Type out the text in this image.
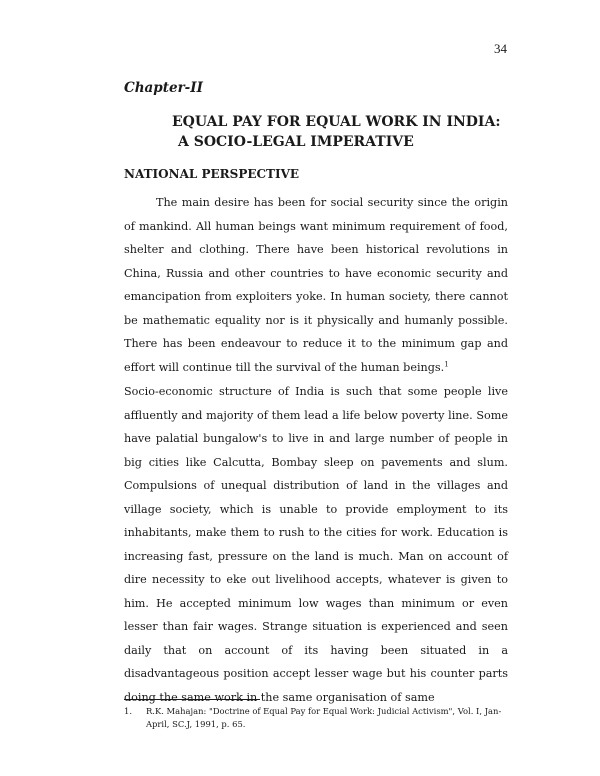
34
Chapter-II
EQUAL PAY FOR EQUAL WORK IN INDIA:
A SOCIO-LEGAL IMPERATIVE
NATIONAL PERSPECTIVE
The main desire has been for social security since the origin of mankind. All human beings want minimum requirement of food, shelter and clothing. There have been historical revolutions in China, Russia and other countries to have economic security and emancipation from exploiters yoke. In human society, there cannot be mathematic equality nor is it physically and humanly possible. There has been endeavour to reduce it to the minimum gap and effort will continue till the survival of the human beings.$^1$
Socio-economic structure of India is such that some people live affluently and majority of them lead a life below poverty line. Some have palatial bungalow's to live in and large number of people in big cities like Calcutta, Bombay sleep on pavements and slum. Compulsions of unequal distribution of land in the villages and village society, which is unable to provide employment to its inhabitants, make them to rush to the cities for work. Education is increasing fast, pressure on the land is much. Man on account of dire necessity to eke out livelihood accepts, whatever is given to him. He accepted minimum low wages than minimum or even lesser than fair wages. Strange situation is experienced and seen daily that on account of its having been situated in a disadvantageous position accept lesser wage but his counter parts doing the same work in the same organisation of same
1.	R.K. Mahajan: "Doctrine of Equal Pay for Equal Work: Judicial Activism", Vol. I, Jan-April, SC.J, 1991, p. 65.
